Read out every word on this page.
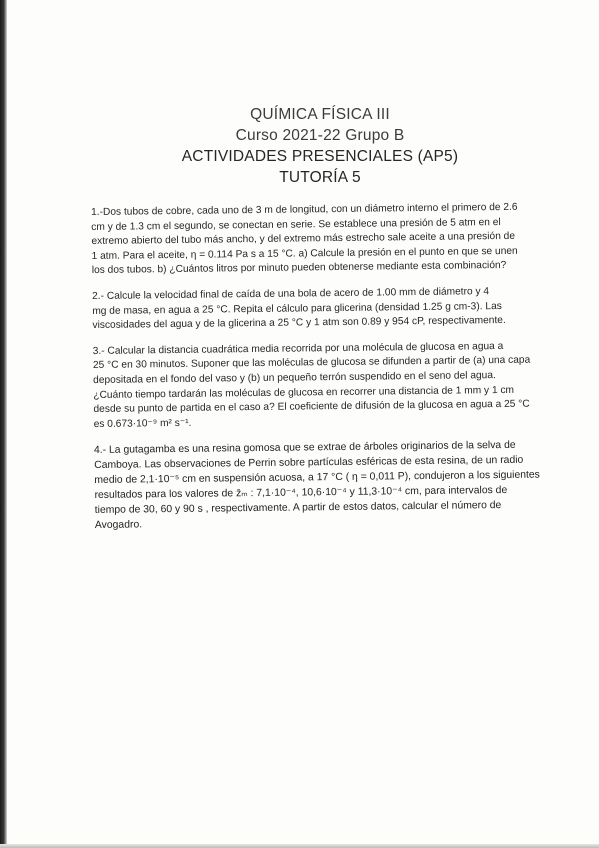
QUÍMICA FÍSICA III
Curso 2021-22 Grupo B
ACTIVIDADES PRESENCIALES (AP5)
TUTORÍA 5
1.-Dos tubos de cobre, cada uno de 3 m de longitud, con un diámetro interno el primero de 2.6
cm y de 1.3 cm el segundo, se conectan en serie. Se establece una presión de 5 atm en el
extremo abierto del tubo más ancho, y del extremo más estrecho sale aceite a una presión de
1 atm. Para el aceite, η = 0.114 Pa s a 15 °C. a) Calcule la presión en el punto en que se unen
los dos tubos. b) ¿Cuántos litros por minuto pueden obtenerse mediante esta combinación?
2.- Calcule la velocidad final de caída de una bola de acero de 1.00 mm de diámetro y 4
mg de masa, en agua a 25 °C. Repita el cálculo para glicerina (densidad 1.25 g cm-3). Las
viscosidades del agua y de la glicerina a 25 °C y 1 atm son 0.89 y 954 cP, respectivamente.
3.- Calcular la distancia cuadrática media recorrida por una molécula de glucosa en agua a
25 °C en 30 minutos. Suponer que las moléculas de glucosa se difunden a partir de (a) una capa
depositada en el fondo del vaso y (b) un pequeño terrón suspendido en el seno del agua.
¿Cuánto tiempo tardarán las moléculas de glucosa en recorrer una distancia de 1 mm y 1 cm
desde su punto de partida en el caso a? El coeficiente de difusión de la glucosa en agua a 25 °C
es 0.673·10⁻⁹ m² s⁻¹.
4.- La gutagamba es una resina gomosa que se extrae de árboles originarios de la selva de
Camboya. Las observaciones de Perrin sobre partículas esféricas de esta resina, de un radio
medio de 2,1·10⁻⁵ cm en suspensión acuosa, a 17 °C ( η = 0,011 P), condujeron a los siguientes
resultados para los valores de z̄ₘ : 7,1·10⁻⁴, 10,6·10⁻⁴ y 11,3·10⁻⁴ cm, para intervalos de
tiempo de 30, 60 y 90 s , respectivamente. A partir de estos datos, calcular el número de
Avogadro.
